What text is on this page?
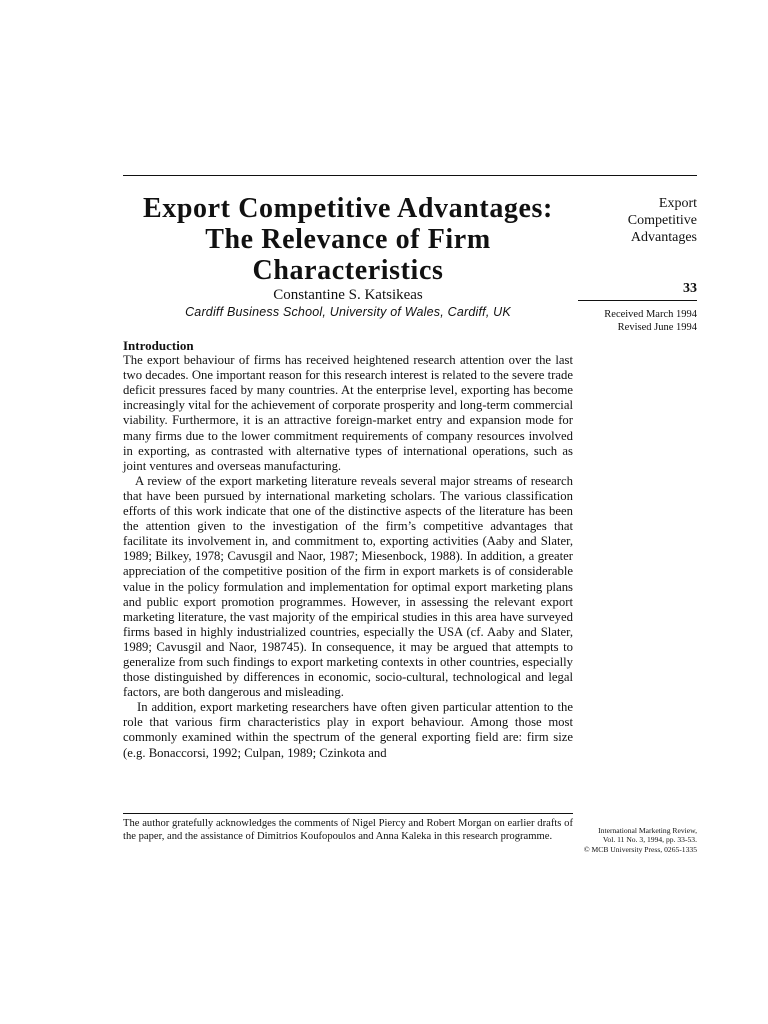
Export Competitive Advantages: The Relevance of Firm Characteristics
Constantine S. Katsikeas
Cardiff Business School, University of Wales, Cardiff, UK
Export
Competitive
Advantages
33
Received March 1994
Revised June 1994
Introduction

The export behaviour of firms has received heightened research attention over the last two decades. One important reason for this research interest is related to the severe trade deficit pressures faced by many countries. At the enterprise level, exporting has become increasingly vital for the achievement of corporate prosperity and long-term commercial viability. Furthermore, it is an attractive foreign-market entry and expansion mode for many firms due to the lower commitment requirements of company resources involved in exporting, as contrasted with alternative types of international operations, such as joint ventures and overseas manufacturing.

A review of the export marketing literature reveals several major streams of research that have been pursued by international marketing scholars. The various classification efforts of this work indicate that one of the distinctive aspects of the literature has been the attention given to the investigation of the firm’s competitive advantages that facilitate its involvement in, and commitment to, exporting activities (Aaby and Slater, 1989; Bilkey, 1978; Cavusgil and Naor, 1987; Miesenbock, 1988). In addition, a greater appreciation of the competitive position of the firm in export markets is of considerable value in the policy formulation and implementation for optimal export marketing plans and public export promotion programmes. However, in assessing the relevant export marketing literature, the vast majority of the empirical studies in this area have surveyed firms based in highly industrialized countries, especially the USA (cf. Aaby and Slater, 1989; Cavusgil and Naor, 198745). In consequence, it may be argued that attempts to generalize from such findings to export marketing contexts in other countries, especially those distinguished by differences in economic, socio-cultural, technological and legal factors, are both dangerous and misleading.

In addition, export marketing researchers have often given particular attention to the role that various firm characteristics play in export behaviour. Among those most commonly examined within the spectrum of the general exporting field are: firm size (e.g. Bonaccorsi, 1992; Culpan, 1989; Czinkota and

The author gratefully acknowledges the comments of Nigel Piercy and Robert Morgan on earlier drafts of the paper, and the assistance of Dimitrios Koufopoulos and Anna Kaleka in this research programme.

International Marketing Review,
Vol. 11 No. 3, 1994, pp. 33-53.
© MCB University Press, 0265-1335
